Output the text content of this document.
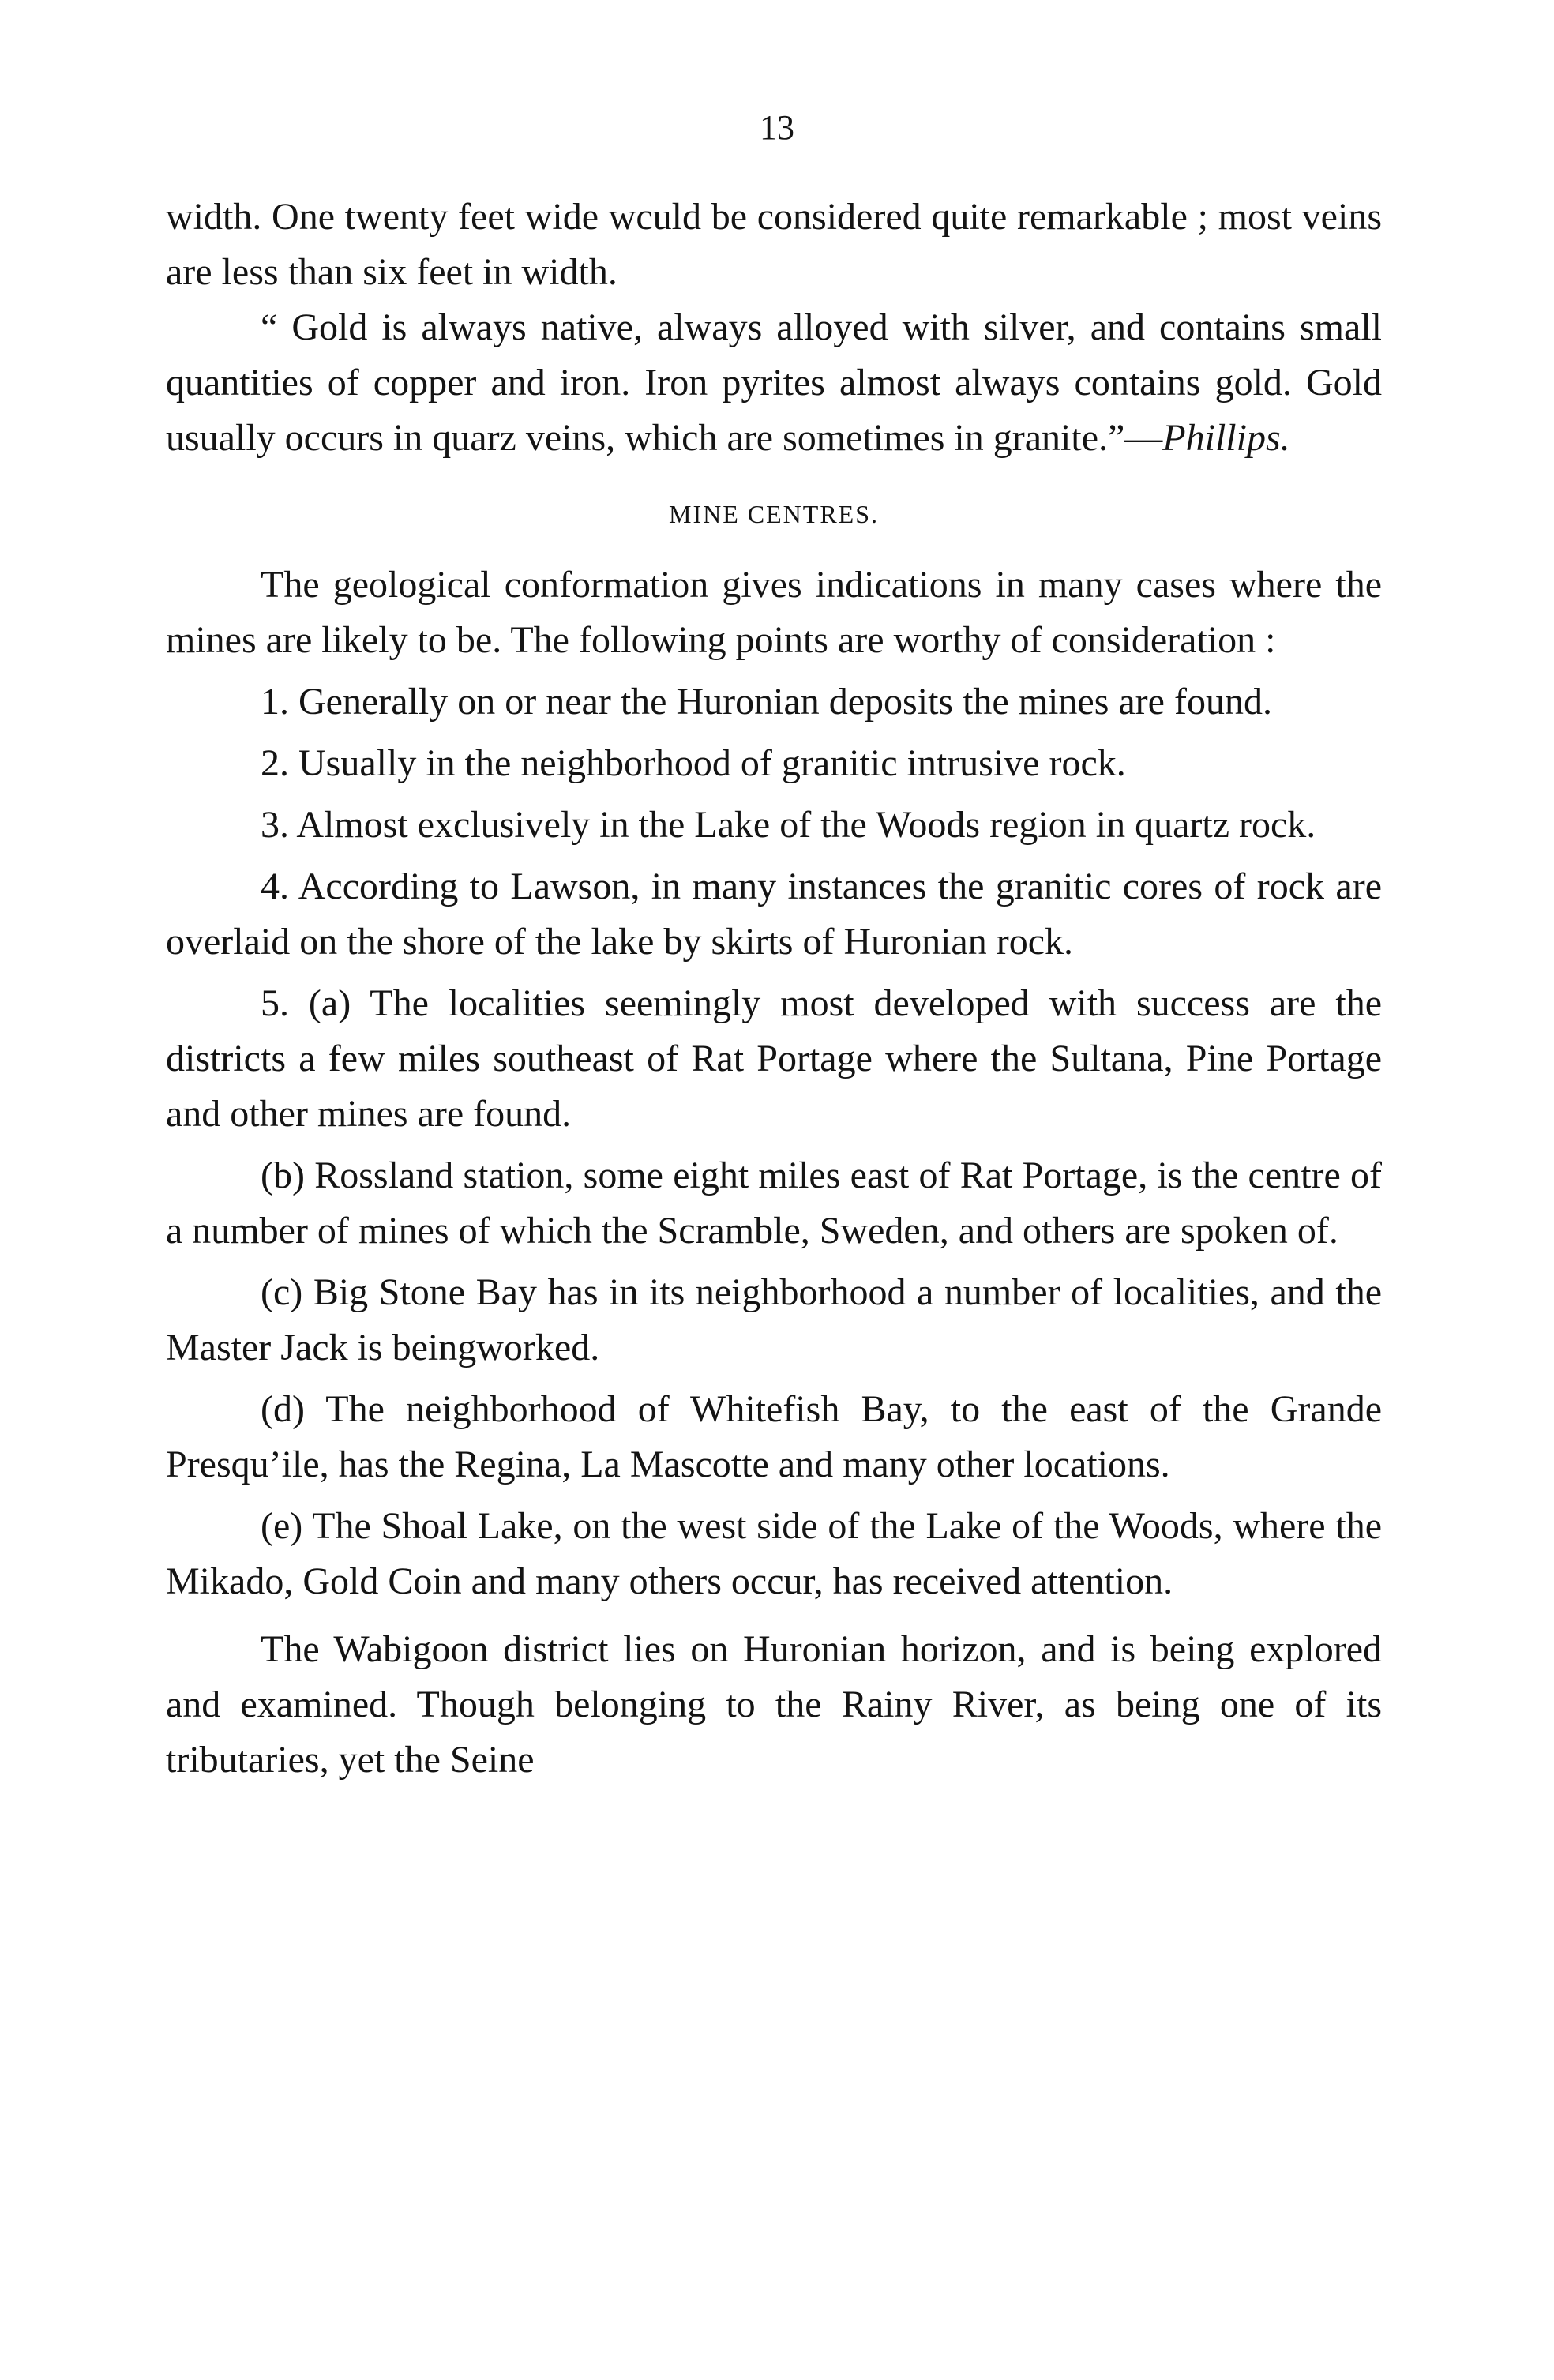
13

width. One twenty feet wide wculd be considered quite remarkable ; most veins are less than six feet in width.

“ Gold is always native, always alloyed with silver, and contains small quantities of copper and iron. Iron pyrites almost always contains gold. Gold usually occurs in quarz veins, which are sometimes in granite.”—Phillips.

MINE CENTRES.

The geological conformation gives indications in many cases where the mines are likely to be. The following points are worthy of consideration :

1. Generally on or near the Huronian deposits the mines are found.

2. Usually in the neighborhood of granitic intrusive rock.

3. Almost exclusively in the Lake of the Woods region in quartz rock.

4. According to Lawson, in many instances the granitic cores of rock are overlaid on the shore of the lake by skirts of Huronian rock.

5. (a) The localities seemingly most developed with success are the districts a few miles southeast of Rat Portage where the Sultana, Pine Portage and other mines are found.

(b) Rossland station, some eight miles east of Rat Portage, is the centre of a number of mines of which the Scramble, Sweden, and others are spoken of.

(c) Big Stone Bay has in its neighborhood a number of localities, and the Master Jack is beingworked.

(d) The neighborhood of Whitefish Bay, to the east of the Grande Presqu’ile, has the Regina, La Mascotte and many other locations.

(e) The Shoal Lake, on the west side of the Lake of the Woods, where the Mikado, Gold Coin and many others occur, has received attention.

The Wabigoon district lies on Huronian horizon, and is being explored and examined. Though belonging to the Rainy River, as being one of its tributaries, yet the Seine
